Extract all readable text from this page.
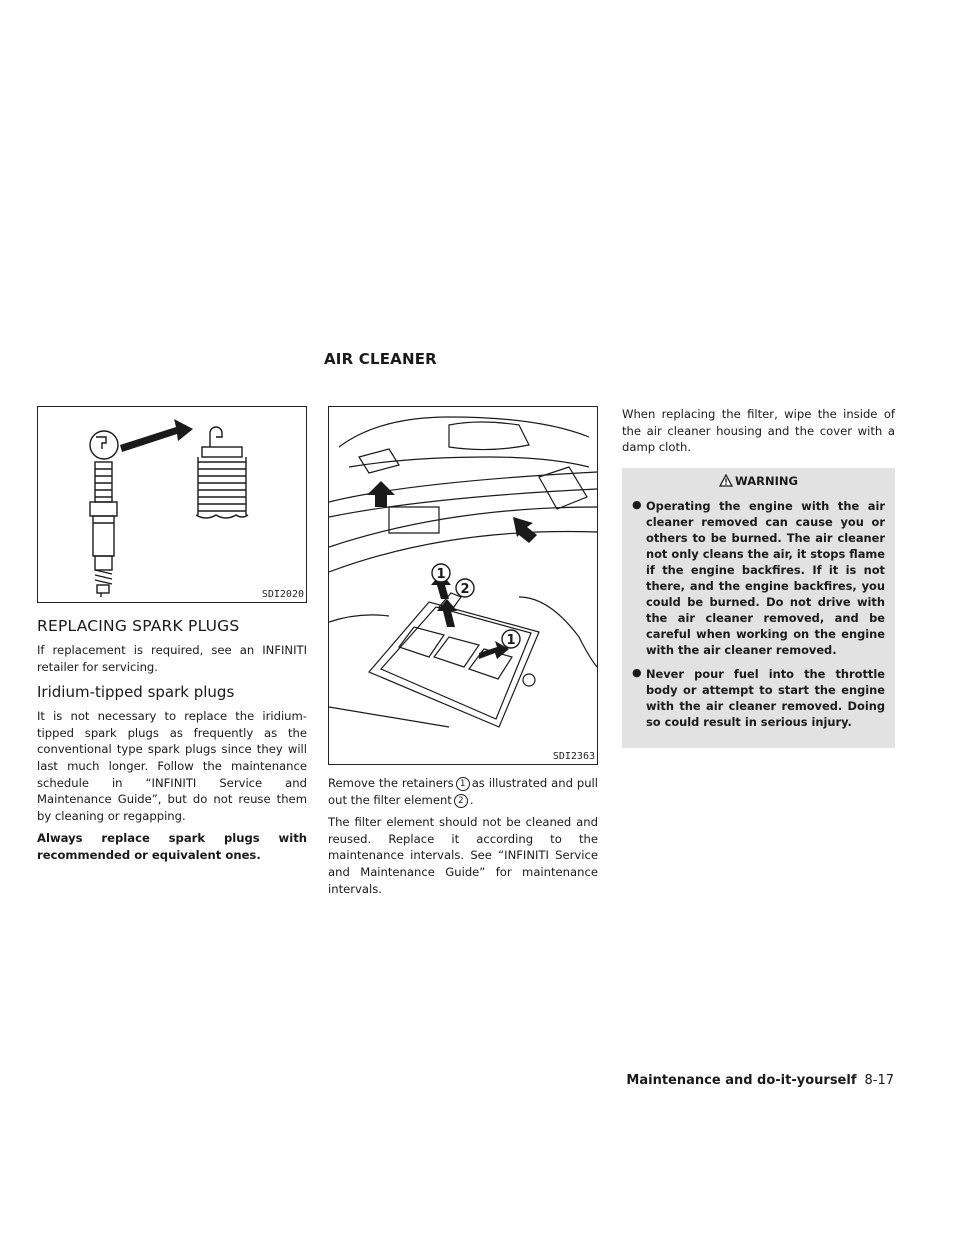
AIR CLEANER
SDI2020
REPLACING SPARK PLUGS

If replacement is required, see an INFINITI retailer for servicing.

Iridium-tipped spark plugs

It is not necessary to replace the iridium-tipped spark plugs as frequently as the conventional type spark plugs since they will last much longer. Follow the maintenance schedule in “INFINITI Service and Maintenance Guide”, but do not reuse them by cleaning or regapping.

Always replace spark plugs with recommended or equivalent ones.

1
2
1
SDI2363

Remove the retainers 1 as illustrated and pull out the filter element 2 .

The filter element should not be cleaned and reused. Replace it according to the maintenance intervals. See “INFINITI Service and Maintenance Guide” for maintenance intervals.

When replacing the filter, wipe the inside of the air cleaner housing and the cover with a damp cloth.

WARNING
● Operating the engine with the air cleaner removed can cause you or others to be burned. The air cleaner not only cleans the air, it stops flame if the engine backfires. If it is not there, and the engine backfires, you could be burned. Do not drive with the air cleaner removed, and be careful when working on the engine with the air cleaner removed.

● Never pour fuel into the throttle body or attempt to start the engine with the air cleaner removed. Doing so could result in serious injury.

Maintenance and do-it-yourself 8-17
